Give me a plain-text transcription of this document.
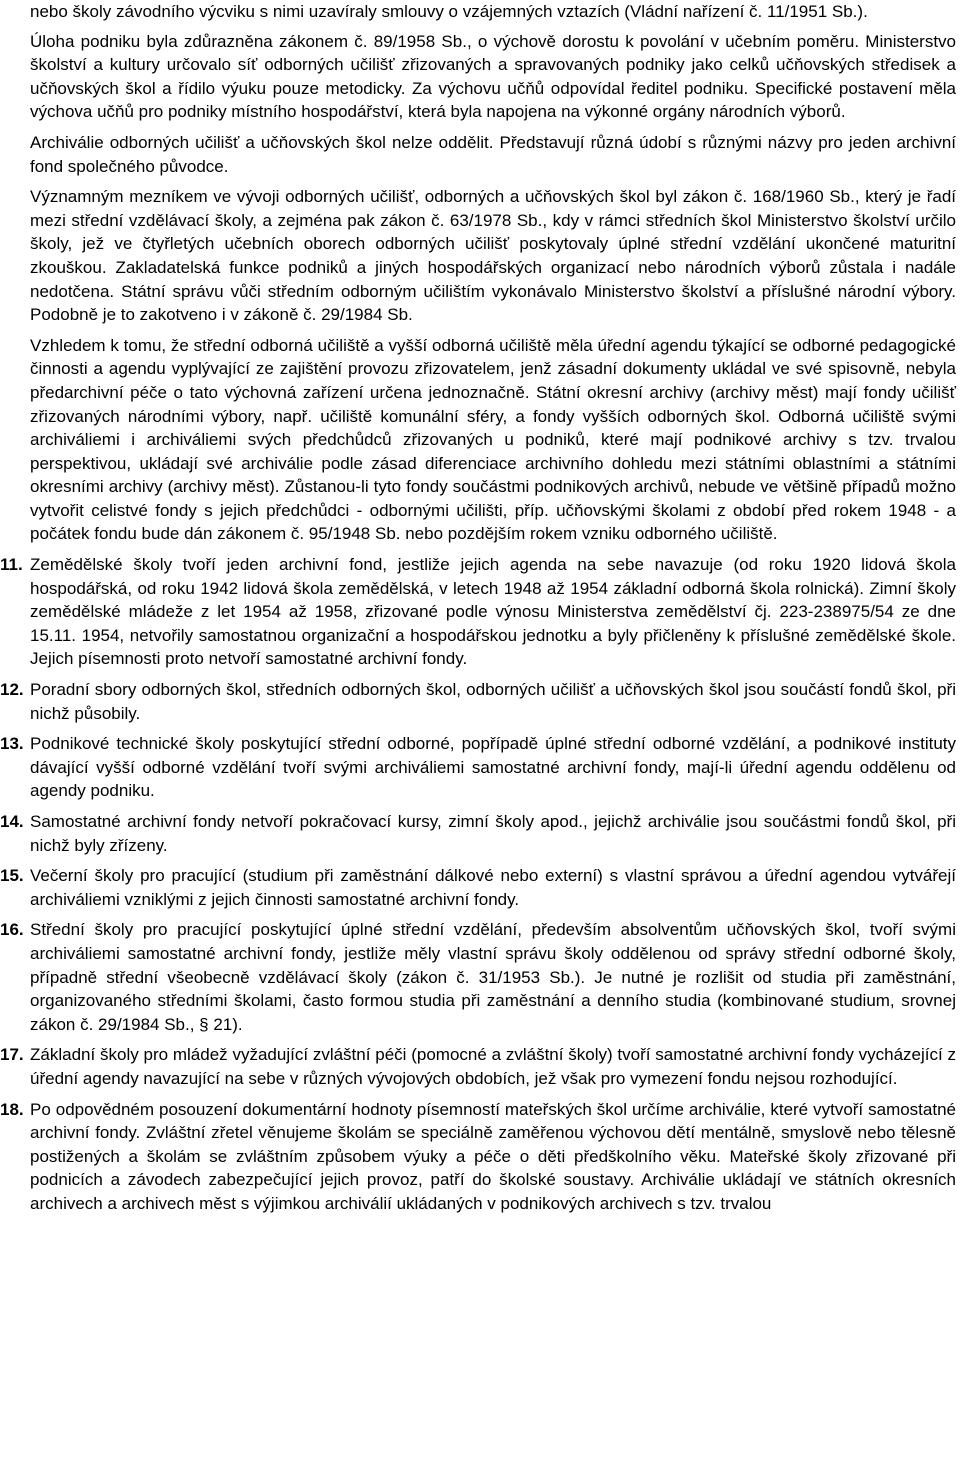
nebo školy závodního výcviku s nimi uzavíraly smlouvy o vzájemných vztazích (Vládní nařízení č. 11/1951 Sb.).

Úloha podniku byla zdůrazněna zákonem č. 89/1958 Sb., o výchově dorostu k povolání v učebním poměru. Ministerstvo školství a kultury určovalo síť odborných učilišť zřizovaných a spravovaných podniky jako celků učňovských středisek a učňovských škol a řídilo výuku pouze metodicky. Za výchovu učňů odpovídal ředitel podniku. Specifické postavení měla výchova učňů pro podniky místního hospodářství, která byla napojena na výkonné orgány národních výborů.

Archiválie odborných učilišť a učňovských škol nelze oddělit. Představují různá údobí s různými názvy pro jeden archivní fond společného původce.

Významným mezníkem ve vývoji odborných učilišť, odborných a učňovských škol byl zákon č. 168/1960 Sb., který je řadí mezi střední vzdělávací školy, a zejména pak zákon č. 63/1978 Sb., kdy v rámci středních škol Ministerstvo školství určilo školy, jež ve čtyřletých učebních oborech odborných učilišť poskytovaly úplné střední vzdělání ukončené maturitní zkouškou. Zakladatelská funkce podniků a jiných hospodářských organizací nebo národních výborů zůstala i nadále nedotčena. Státní správu vůči středním odborným učilištím vykonávalo Ministerstvo školství a příslušné národní výbory. Podobně je to zakotveno i v zákoně č. 29/1984 Sb.

Vzhledem k tomu, že střední odborná učiliště a vyšší odborná učiliště měla úřední agendu týkající se odborné pedagogické činnosti a agendu vyplývající ze zajištění provozu zřizovatelem, jenž zásadní dokumenty ukládal ve své spisovně, nebyla předarchivní péče o tato výchovná zařízení určena jednoznačně. Státní okresní archivy (archivy měst) mají fondy učilišť zřizovaných národními výbory, např. učiliště komunální sféry, a fondy vyšších odborných škol. Odborná učiliště svými archiváliemi i archiváliemi svých předchůdců zřizovaných u podniků, které mají podnikové archivy s tzv. trvalou perspektivou, ukládají své archiválie podle zásad diferenciace archivního dohledu mezi státními oblastními a státními okresními archivy (archivy měst). Zůstanou-li tyto fondy součástmi podnikových archivů, nebude ve většině případů možno vytvořit celistvé fondy s jejich předchůdci - odbornými učilišti, příp. učňovskými školami z období před rokem 1948 - a počátek fondu bude dán zákonem č. 95/1948 Sb. nebo pozdějším rokem vzniku odborného učiliště.

11. Zemědělské školy tvoří jeden archivní fond, jestliže jejich agenda na sebe navazuje (od roku 1920 lidová škola hospodářská, od roku 1942 lidová škola zemědělská, v letech 1948 až 1954 základní odborná škola rolnická). Zimní školy zemědělské mládeže z let 1954 až 1958, zřizované podle výnosu Ministerstva zemědělství čj. 223-238975/54 ze dne 15.11. 1954, netvořily samostatnou organizační a hospodářskou jednotku a byly přičleněny k příslušné zemědělské škole. Jejich písemnosti proto netvoří samostatné archivní fondy.
12. Poradní sbory odborných škol, středních odborných škol, odborných učilišť a učňovských škol jsou součástí fondů škol, při nichž působily.
13. Podnikové technické školy poskytující střední odborné, popřípadě úplné střední odborné vzdělání, a podnikové instituty dávající vyšší odborné vzdělání tvoří svými archiváliemi samostatné archivní fondy, mají-li úřední agendu oddělenu od agendy podniku.
14. Samostatné archivní fondy netvoří pokračovací kursy, zimní školy apod., jejichž archiválie jsou součástmi fondů škol, při nichž byly zřízeny.
15. Večerní školy pro pracující (studium při zaměstnání dálkové nebo externí) s vlastní správou a úřední agendou vytvářejí archiváliemi vzniklými z jejich činnosti samostatné archivní fondy.
16. Střední školy pro pracující poskytující úplné střední vzdělání, především absolventům učňovských škol, tvoří svými archiváliemi samostatné archivní fondy, jestliže měly vlastní správu školy oddělenou od správy střední odborné školy, případně střední všeobecně vzdělávací školy (zákon č. 31/1953 Sb.). Je nutné je rozlišit od studia při zaměstnání, organizovaného středními školami, často formou studia při zaměstnání a denního studia (kombinované studium, srovnej zákon č. 29/1984 Sb., § 21).
17. Základní školy pro mládež vyžadující zvláštní péči (pomocné a zvláštní školy) tvoří samostatné archivní fondy vycházející z úřední agendy navazující na sebe v různých vývojových obdobích, jež však pro vymezení fondu nejsou rozhodující.
18. Po odpovědném posouzení dokumentární hodnoty písemností mateřských škol určíme archiválie, které vytvoří samostatné archivní fondy. Zvláštní zřetel věnujeme školám se speciálně zaměřenou výchovou dětí mentálně, smyslově nebo tělesně postižených a školám se zvláštním způsobem výuky a péče o děti předškolního věku. Mateřské školy zřizované při podnicích a závodech zabezpečující jejich provoz, patří do školské soustavy. Archiválie ukládají ve státních okresních archivech a archivech měst s výjimkou archiválií ukládaných v podnikových archivech s tzv. trvalou
